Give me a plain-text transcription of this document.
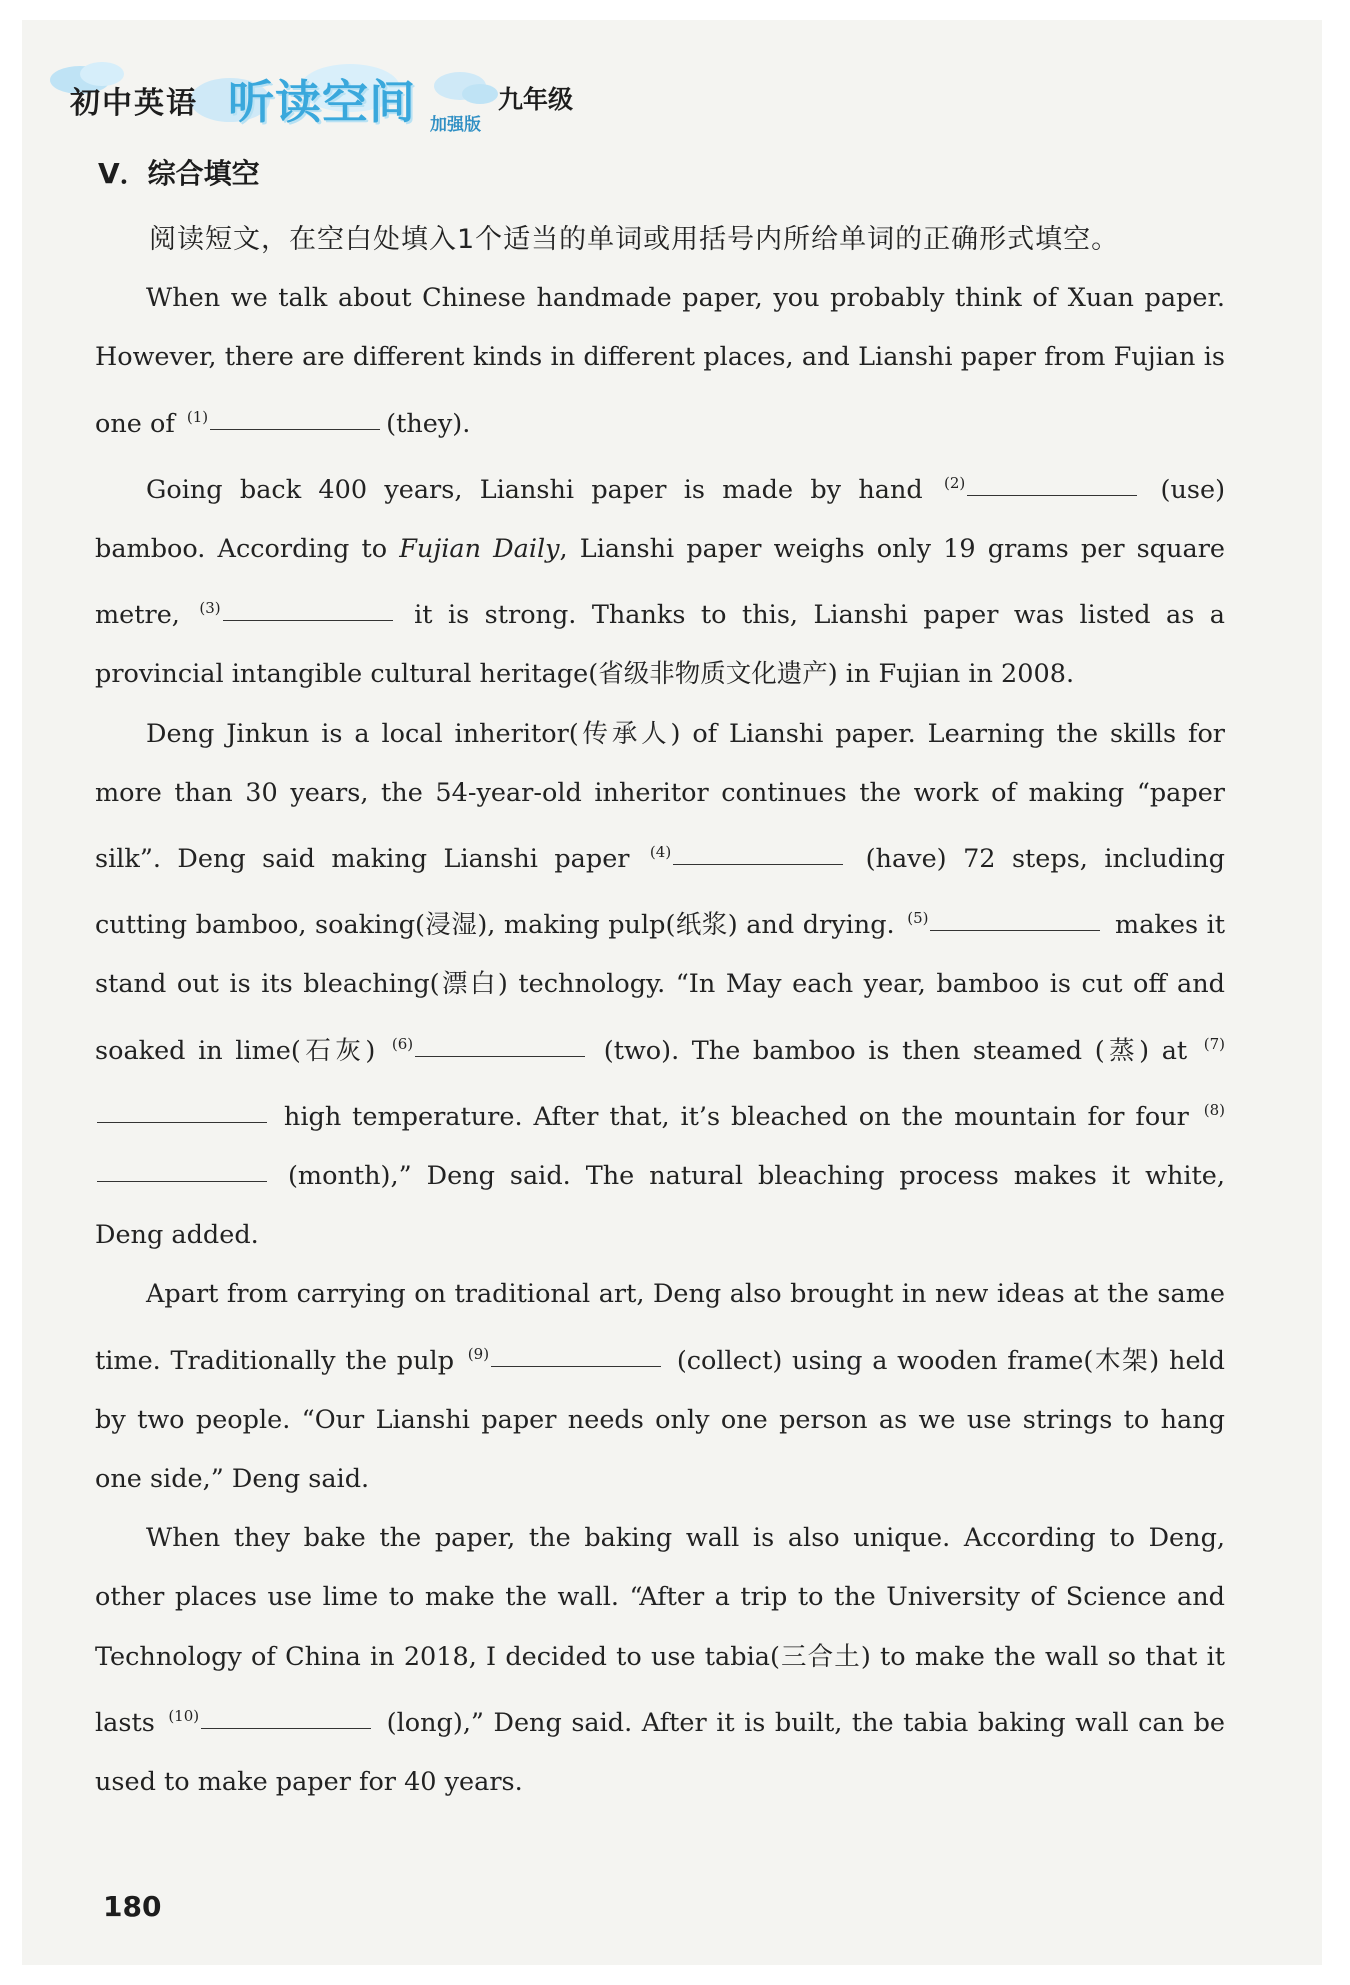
初中英语 听读空间 加强版
九年级
V．综合填空

阅读短文，在空白处填入1个适当的单词或用括号内所给单词的正确形式填空。

When we talk about Chinese handmade paper, you probably think of Xuan paper. However, there are different kinds in different places, and Lianshi paper from Fujian is one of $^{(1)}$	(they).

Going back 400 years, Lianshi paper is made by hand $^{(2)}$	(use) bamboo. According to Fujian Daily, Lianshi paper weighs only 19 grams per square metre, $^{(3)}$	it is strong. Thanks to this, Lianshi paper was listed as a provincial intangible cultural heritage(省级非物质文化遗产) in Fujian in 2008.

Deng Jinkun is a local inheritor(传承人) of Lianshi paper. Learning the skills for more than 30 years, the 54-year-old inheritor continues the work of making “paper silk”. Deng said making Lianshi paper $^{(4)}$	(have) 72 steps, including cutting bamboo, soaking(浸湿), making pulp(纸浆) and drying. $^{(5)}$	makes it stand out is its bleaching(漂白) technology. “In May each year, bamboo is cut off and soaked in lime(石灰) $^{(6)}$	(two). The bamboo is then steamed (蒸) at $^{(7)}$ high temperature. After that, it’s bleached on the mountain for four $^{(8)}$ (month),” Deng said. The natural bleaching process makes it white, Deng added.

Apart from carrying on traditional art, Deng also brought in new ideas at the same time. Traditionally the pulp $^{(9)}$	(collect) using a wooden frame(木架) held by two people. “Our Lianshi paper needs only one person as we use strings to hang one side,” Deng said.

When they bake the paper, the baking wall is also unique. According to Deng, other places use lime to make the wall. “After a trip to the University of Science and Technology of China in 2018, I decided to use tabia(三合土) to make the wall so that it lasts $^{(10)}$	(long),” Deng said. After it is built, the tabia baking wall can be used to make paper for 40 years.

180
